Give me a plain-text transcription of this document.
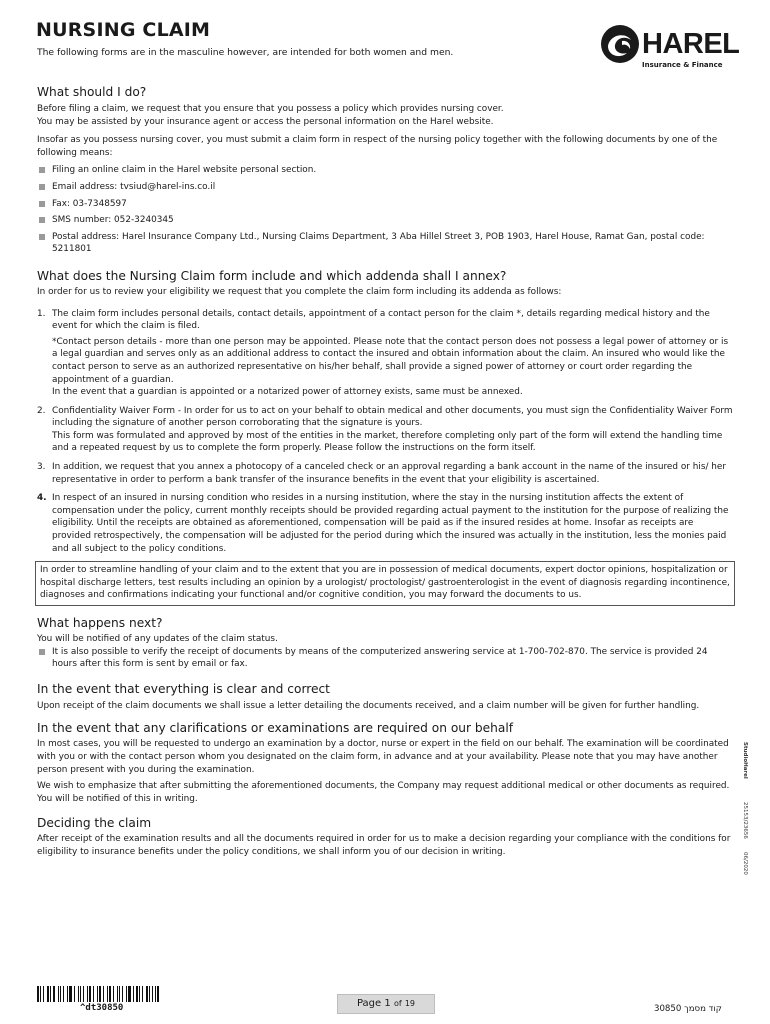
NURSING CLAIM
The following forms are in the masculine however, are intended for both women and men.	HAREL
Insurance & Finance
What should I do?

Before filing a claim, we request that you ensure that you possess a policy which provides nursing cover.

You may be assisted by your insurance agent or access the personal information on the Harel website.

Insofar as you possess nursing cover, you must submit a claim form in respect of the nursing policy together with the following documents by one of the following means:

Filing an online claim in the Harel website personal section.
Email address: tvsiud@harel-ins.co.il
Fax: 03-7348597
SMS number: 052-3240345
Postal address: Harel Insurance Company Ltd., Nursing Claims Department, 3 Aba Hillel Street 3, POB 1903, Harel House, Ramat Gan, postal code: 5211801
What does the Nursing Claim form include and which addenda shall I annex?

In order for us to review your eligibility we request that you complete the claim form including its addenda as follows:

1. The claim form includes personal details, contact details, appointment of a contact person for the claim *, details regarding medical history and the event for which the claim is filed.
*Contact person details - more than one person may be appointed. Please note that the contact person does not possess a legal power of attorney or is a legal guardian and serves only as an additional address to contact the insured and obtain information about the claim. An insured who would like the contact person to serve as an authorized representative on his/her behalf, shall provide a signed power of attorney or court order regarding the appointment of a guardian.
In the event that a guardian is appointed or a notarized power of attorney exists, same must be annexed.
2. Confidentiality Waiver Form - In order for us to act on your behalf to obtain medical and other documents, you must sign the Confidentiality Waiver Form including the signature of another person corroborating that the signature is yours.
This form was formulated and approved by most of the entities in the market, therefore completing only part of the form will extend the handling time and a repeated request by us to complete the form properly. Please follow the instructions on the form itself.
3. In addition, we request that you annex a photocopy of a canceled check or an approval regarding a bank account in the name of the insured or his/ her representative in order to perform a bank transfer of the insurance benefits in the event that your eligibility is ascertained.
4. In respect of an insured in nursing condition who resides in a nursing institution, where the stay in the nursing institution affects the extent of compensation under the policy, current monthly receipts should be provided regarding actual payment to the institution for the purpose of realizing the eligibility. Until the receipts are obtained as aforementioned, compensation will be paid as if the insured resides at home. Insofar as receipts are provided retrospectively, the compensation will be adjusted for the period during which the insured was actually in the institution, less the monies paid and all subject to the policy conditions.

In order to streamline handling of your claim and to the extent that you are in possession of medical documents, expert doctor opinions, hospitalization or hospital discharge letters, test results including an opinion by a urologist/ proctologist/ gastroenterologist in the event of diagnosis regarding incontinence, diagnoses and confirmations indicating your functional and/or cognitive condition, you may forward the documents to us.

What happens next?

You will be notified of any updates of the claim status.

It is also possible to verify the receipt of documents by means of the computerized answering service at 1-700-702-870. The service is provided 24 hours after this form is sent by email or fax.
In the event that everything is clear and correct

Upon receipt of the claim documents we shall issue a letter detailing the documents received, and a claim number will be given for further handling.

In the event that any clarifications or examinations are required on our behalf

In most cases, you will be requested to undergo an examination by a doctor, nurse or expert in the field on our behalf. The examination will be coordinated with you or with the contact person whom you designated on the claim form, in advance and at your availability. Please note that you may have another person present with you during the examination.

We wish to emphasize that after submitting the aforementioned documents, the Company may request additional medical or other documents as required. You will be notified of this in writing.

Deciding the claim

After receipt of the examination results and all the documents required in order for us to make a decision regarding your compliance with the conditions for eligibility to insurance benefits under the policy conditions, we shall inform you of our decision in writing.

StudioHarel
25153/23656
06/2020
^dt30850	Page 1 of 19
30850 קוד מסמך
